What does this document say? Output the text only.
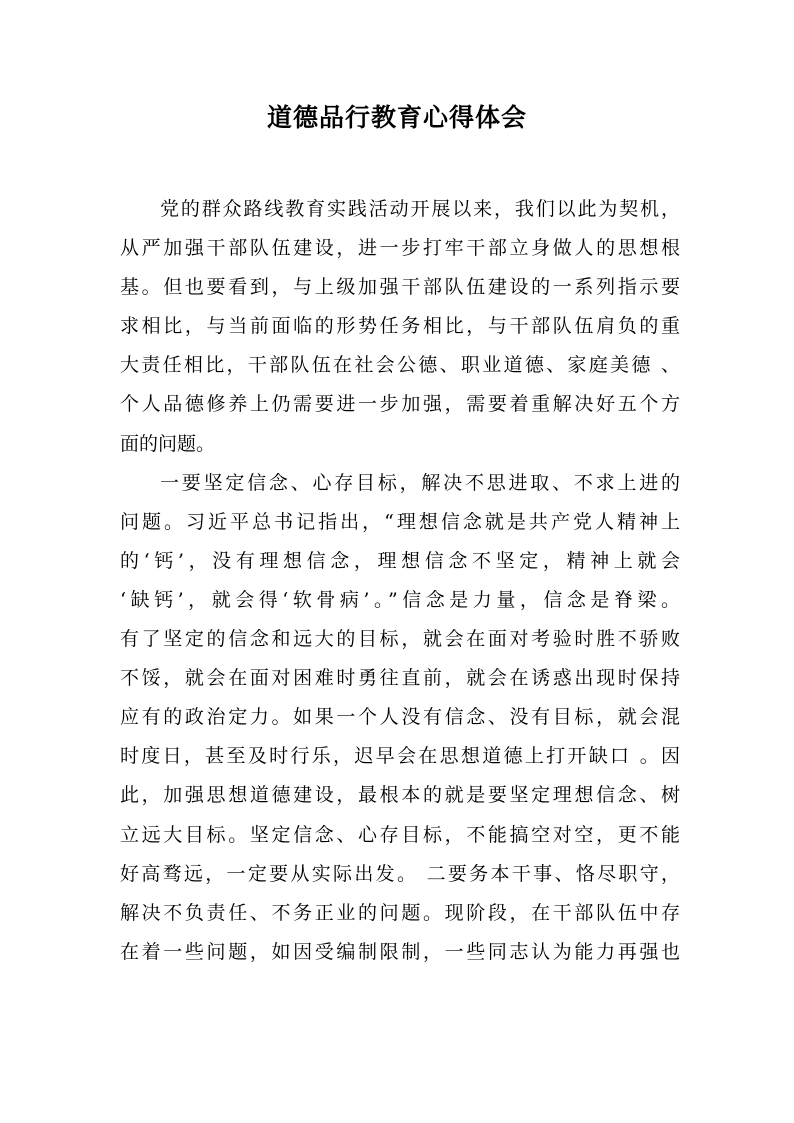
道德品行教育心得体会
党的群众路线教育实践活动开展以来，我们以此为契机，
从严加强干部队伍建设，进一步打牢干部立身做人的思想根
基。但也要看到，与上级加强干部队伍建设的一系列指示要
求相比，与当前面临的形势任务相比，与干部队伍肩负的重
大责任相比，干部队伍在社会公德、职业道德、家庭美德 、
个人品德修养上仍需要进一步加强，需要着重解决好五个方
面的问题。
一要坚定信念、心存目标，解决不思进取、不求上进的
问题。习近平总书记指出，“理想信念就是共产党人精神上
的‘钙’，没有理想信念，理想信念不坚定，精神上就会
‘缺钙’，就会得‘软骨病’。”信念是力量，信念是脊梁。
有了坚定的信念和远大的目标，就会在面对考验时胜不骄败
不馁，就会在面对困难时勇往直前，就会在诱惑出现时保持
应有的政治定力。如果一个人没有信念、没有目标，就会混
时度日，甚至及时行乐，迟早会在思想道德上打开缺口 。因
此，加强思想道德建设，最根本的就是要坚定理想信念、树
立远大目标。坚定信念、心存目标，不能搞空对空，更不能
好高骛远，一定要从实际出发。 二要务本干事、恪尽职守，
解决不负责任、不务正业的问题。现阶段，在干部队伍中存
在着一些问题，如因受编制限制，一些同志认为能力再强也
